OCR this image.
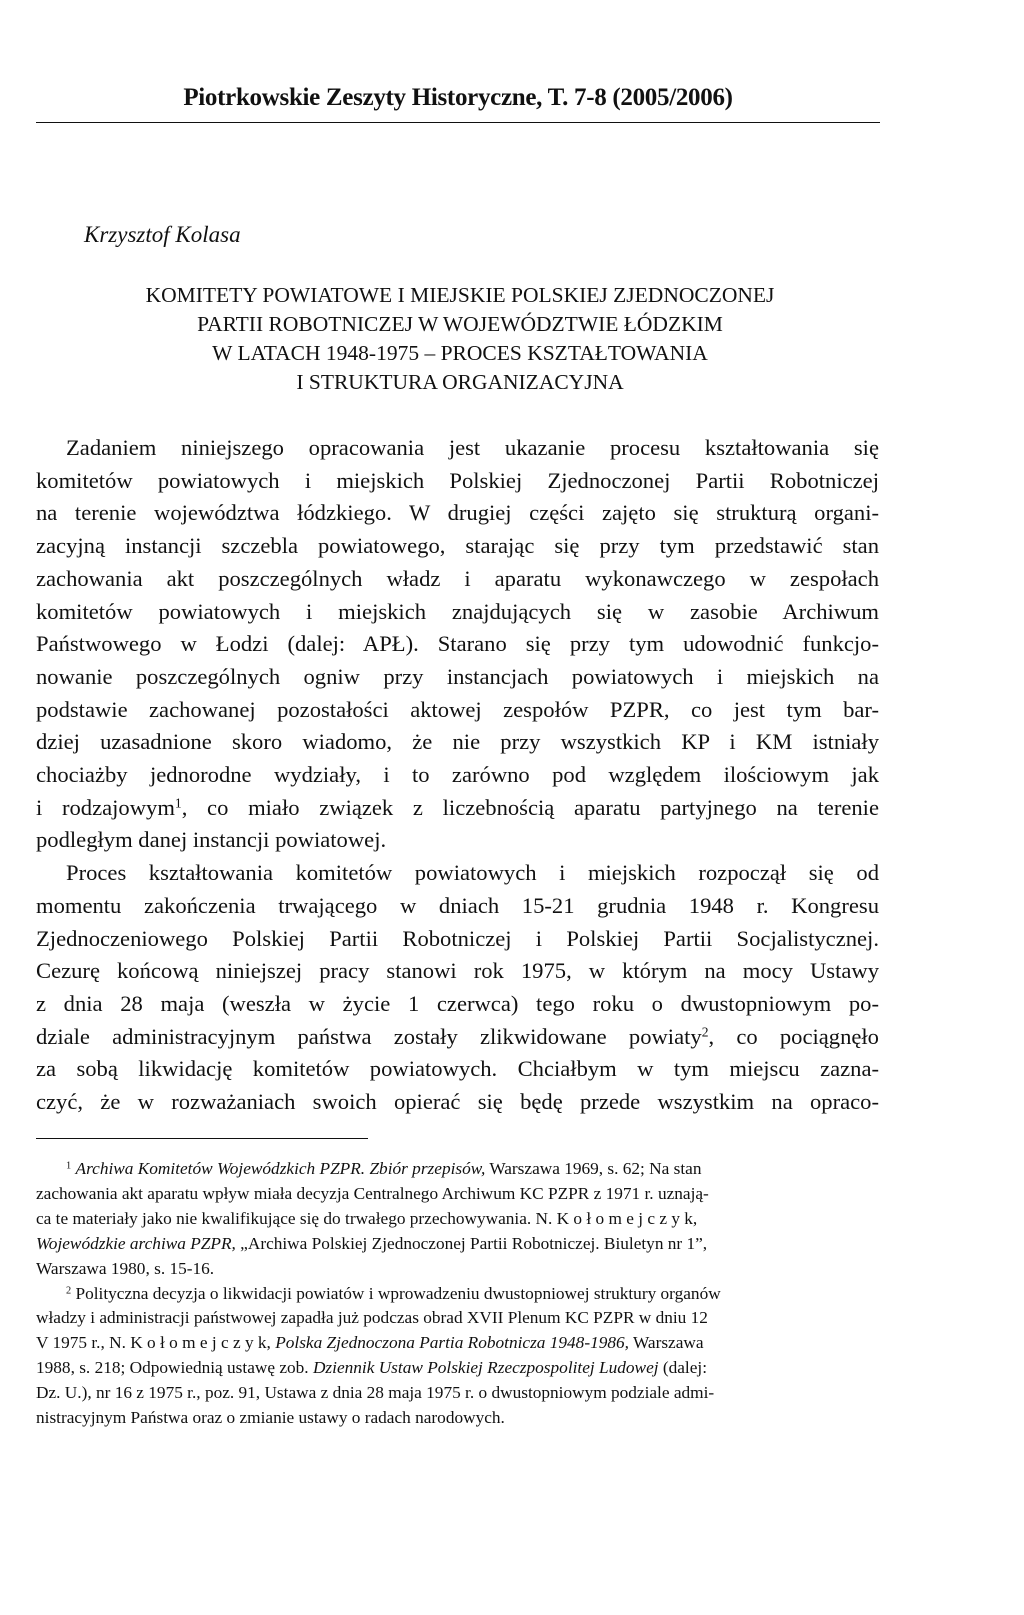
Piotrkowskie Zeszyty Historyczne, T. 7-8 (2005/2006)
Krzysztof Kolasa
KOMITETY POWIATOWE I MIEJSKIE POLSKIEJ ZJEDNOCZONEJ
PARTII ROBOTNICZEJ W WOJEWÓDZTWIE ŁÓDZKIM
W LATACH 1948-1975 – PROCES KSZTAŁTOWANIA
I STRUKTURA ORGANIZACYJNA
Zadaniem niniejszego opracowania jest ukazanie procesu kształtowania się
komitetów powiatowych i miejskich Polskiej Zjednoczonej Partii Robotniczej
na terenie województwa łódzkiego. W drugiej części zajęto się strukturą organi-
zacyjną instancji szczebla powiatowego, starając się przy tym przedstawić stan
zachowania akt poszczególnych władz i aparatu wykonawczego w zespołach
komitetów powiatowych i miejskich znajdujących się w zasobie Archiwum
Państwowego w Łodzi (dalej: APŁ). Starano się przy tym udowodnić funkcjo-
nowanie poszczególnych ogniw przy instancjach powiatowych i miejskich na
podstawie zachowanej pozostałości aktowej zespołów PZPR, co jest tym bar-
dziej uzasadnione skoro wiadomo, że nie przy wszystkich KP i KM istniały
chociażby jednorodne wydziały, i to zarówno pod względem ilościowym jak
i rodzajowym$^1$, co miało związek z liczebnością aparatu partyjnego na terenie
podległym danej instancji powiatowej.
Proces kształtowania komitetów powiatowych i miejskich rozpoczął się od
momentu zakończenia trwającego w dniach 15-21 grudnia 1948 r. Kongresu
Zjednoczeniowego Polskiej Partii Robotniczej i Polskiej Partii Socjalistycznej.
Cezurę końcową niniejszej pracy stanowi rok 1975, w którym na mocy Ustawy
z dnia 28 maja (weszła w życie 1 czerwca) tego roku o dwustopniowym po-
dziale administracyjnym państwa zostały zlikwidowane powiaty$^2$, co pociągnęło
za sobą likwidację komitetów powiatowych. Chciałbym w tym miejscu zazna-
czyć, że w rozważaniach swoich opierać się będę przede wszystkim na opraco-
$^1$ Archiwa Komitetów Wojewódzkich PZPR. Zbiór przepisów, Warszawa 1969, s. 62; Na stan
zachowania akt aparatu wpływ miała decyzja Centralnego Archiwum KC PZPR z 1971 r. uznają-
ca te materiały jako nie kwalifikujące się do trwałego przechowywania. N. K o ł o m e j c z y k,
Wojewódzkie archiwa PZPR, „Archiwa Polskiej Zjednoczonej Partii Robotniczej. Biuletyn nr 1”,
Warszawa 1980, s. 15-16.
$^2$ Polityczna decyzja o likwidacji powiatów i wprowadzeniu dwustopniowej struktury organów
władzy i administracji państwowej zapadła już podczas obrad XVII Plenum KC PZPR w dniu 12
V 1975 r., N. K o ł o m e j c z y k, Polska Zjednoczona Partia Robotnicza 1948-1986, Warszawa
1988, s. 218; Odpowiednią ustawę zob. Dziennik Ustaw Polskiej Rzeczpospolitej Ludowej (dalej:
Dz. U.), nr 16 z 1975 r., poz. 91, Ustawa z dnia 28 maja 1975 r. o dwustopniowym podziale admi-
nistracyjnym Państwa oraz o zmianie ustawy o radach narodowych.
